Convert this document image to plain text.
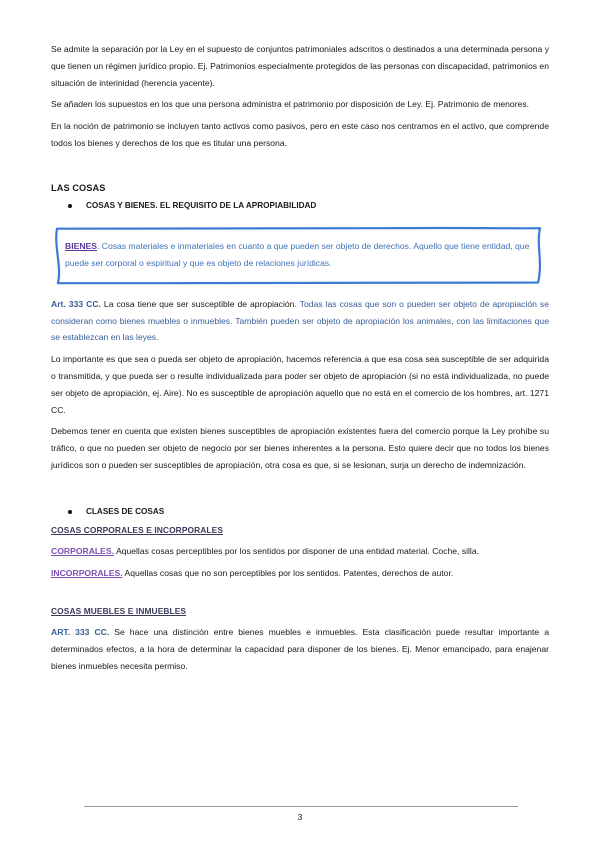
Se admite la separación por la Ley en el supuesto de conjuntos patrimoniales adscritos o destinados a una determinada persona y que tienen un régimen jurídico propio. Ej. Patrimonios especialmente protegidos de las personas con discapacidad, patrimonios en situación de interinidad (herencia yacente).

Se añaden los supuestos en los que una persona administra el patrimonio por disposición de Ley. Ej. Patrimonio de menores.

En la noción de patrimonio se incluyen tanto activos como pasivos, pero en este caso nos centramos en el activo, que comprende todos los bienes y derechos de los que es titular una persona.

LAS COSAS
COSAS Y BIENES. EL REQUISITO DE LA APROPIABILIDAD

BIENES. Cosas materiales e inmateriales en cuanto a que pueden ser objeto de derechos. Aquello que tiene entidad, que puede ser corporal o espiritual y que es objeto de relaciones jurídicas.

Art. 333 CC. La cosa tiene que ser susceptible de apropiación. Todas las cosas que son o pueden ser objeto de apropiación se consideran como bienes muebles o inmuebles. También pueden ser objeto de apropiación los animales, con las limitaciones que se establezcan en las leyes.

Lo importante es que sea o pueda ser objeto de apropiación, hacemos referencia a que esa cosa sea susceptible de ser adquirida o transmitida, y que pueda ser o resulte individualizada para poder ser objeto de apropiación (si no está individualizada, no puede ser objeto de apropiación, ej. Aire). No es susceptible de apropiación aquello que no está en el comercio de los hombres, art. 1271 CC.

Debemos tener en cuenta que existen bienes susceptibles de apropiación existentes fuera del comercio porque la Ley prohíbe su tráfico, o que no pueden ser objeto de negocio por ser bienes inherentes a la persona. Esto quiere decir que no todos los bienes jurídicos son o pueden ser susceptibles de apropiación, otra cosa es que, si se lesionan, surja un derecho de indemnización.

CLASES DE COSAS
COSAS CORPORALES E INCORPORALES

CORPORALES. Aquellas cosas perceptibles por los sentidos por disponer de una entidad material. Coche, silla.

INCORPORALES. Aquellas cosas que no son perceptibles por los sentidos. Patentes, derechos de autor.

COSAS MUEBLES E INMUEBLES

ART. 333 CC. Se hace una distinción entre bienes muebles e inmuebles. Esta clasificación puede resultar importante a determinados efectos, a la hora de determinar la capacidad para disponer de los bienes. Ej. Menor emancipado, para enajenar bienes inmuebles necesita permiso.

3
